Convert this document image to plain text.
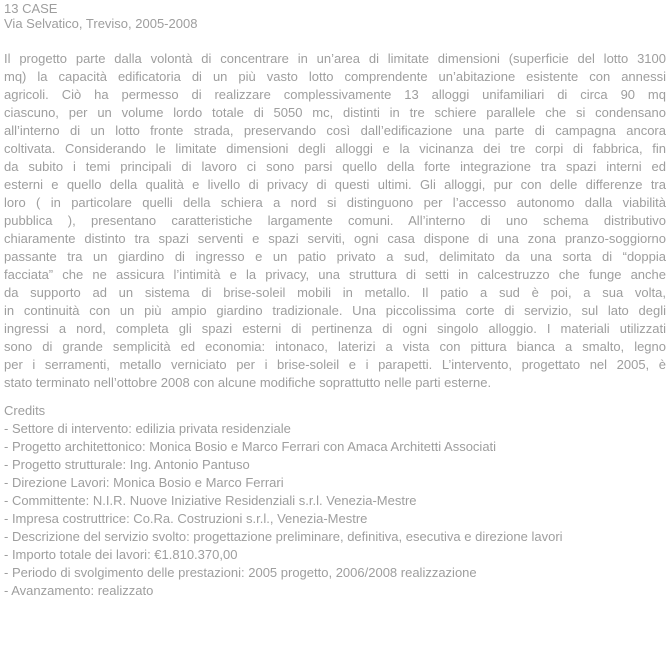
13 CASE
Via Selvatico, Treviso, 2005-2008
Il progetto parte dalla volontà di concentrare in un’area di limitate dimensioni (superficie del lotto 3100
mq) la capacità edificatoria di un più vasto lotto comprendente un’abitazione esistente con annessi
agricoli. Ciò ha permesso di realizzare complessivamente 13 alloggi unifamiliari di circa 90 mq
ciascuno, per un volume lordo totale di 5050 mc, distinti in tre schiere parallele che si condensano
all’interno di un lotto fronte strada, preservando così dall’edificazione una parte di campagna ancora
coltivata. Considerando le limitate dimensioni degli alloggi e la vicinanza dei tre corpi di fabbrica, fin
da subito i temi principali di lavoro ci sono parsi quello della forte integrazione tra spazi interni ed
esterni e quello della qualità e livello di privacy di questi ultimi. Gli alloggi, pur con delle differenze tra
loro ( in particolare quelli della schiera a nord si distinguono per l’accesso autonomo dalla viabilità
pubblica ), presentano caratteristiche largamente comuni. All’interno di uno schema distributivo
chiaramente distinto tra spazi serventi e spazi serviti, ogni casa dispone di una zona pranzo-soggiorno
passante tra un giardino di ingresso e un patio privato a sud, delimitato da una sorta di “doppia
facciata” che ne assicura l’intimità e la privacy, una struttura di setti in calcestruzzo che funge anche
da supporto ad un sistema di brise-soleil mobili in metallo. Il patio a sud è poi, a sua volta,
in continuità con un più ampio giardino tradizionale. Una piccolissima corte di servizio, sul lato degli
ingressi a nord, completa gli spazi esterni di pertinenza di ogni singolo alloggio. I materiali utilizzati
sono di grande semplicità ed economia: intonaco, laterizi a vista con pittura bianca a smalto, legno
per i serramenti, metallo verniciato per i brise-soleil e i parapetti. L’intervento, progettato nel 2005, è
stato terminato nell’ottobre 2008 con alcune modifiche soprattutto nelle parti esterne.
Credits
- Settore di intervento: edilizia privata residenziale
- Progetto architettonico: Monica Bosio e Marco Ferrari con Amaca Architetti Associati
- Progetto strutturale: Ing. Antonio Pantuso
- Direzione Lavori: Monica Bosio e Marco Ferrari
- Committente: N.I.R. Nuove Iniziative Residenziali s.r.l. Venezia-Mestre
- Impresa costruttrice: Co.Ra. Costruzioni s.r.l., Venezia-Mestre
- Descrizione del servizio svolto: progettazione preliminare, definitiva, esecutiva e direzione lavori
- Importo totale dei lavori: €1.810.370,00
- Periodo di svolgimento delle prestazioni: 2005 progetto, 2006/2008 realizzazione
- Avanzamento: realizzato
